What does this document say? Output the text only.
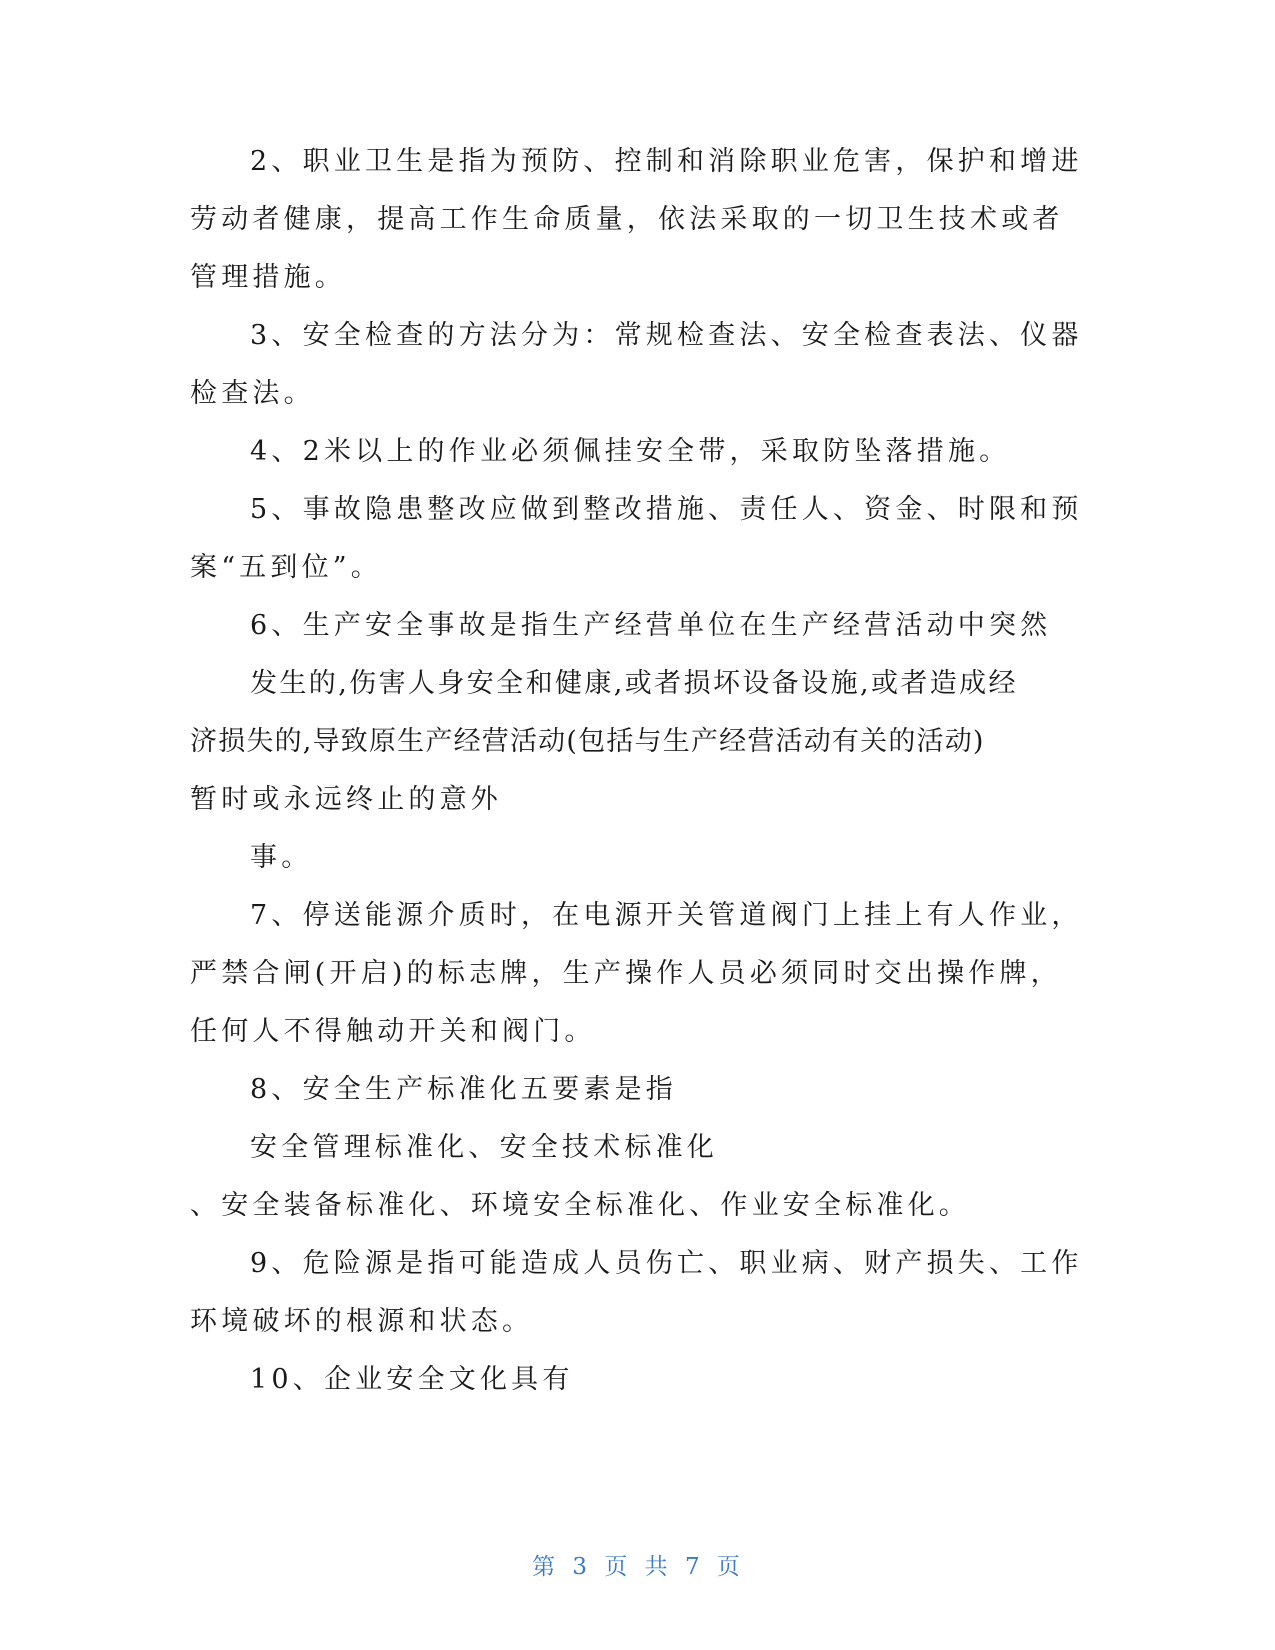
2、职业卫生是指为预防、控制和消除职业危害，保护和增进
劳动者健康，提高工作生命质量，依法采取的一切卫生技术或者
管理措施。
3、安全检查的方法分为：常规检查法、安全检查表法、仪器
检查法。
4、2米以上的作业必须佩挂安全带，采取防坠落措施。
5、事故隐患整改应做到整改措施、责任人、资金、时限和预
案“五到位”。
6、生产安全事故是指生产经营单位在生产经营活动中突然
发生的,伤害人身安全和健康,或者损坏设备设施,或者造成经
济损失的,导致原生产经营活动(包括与生产经营活动有关的活动)
暂时或永远终止的意外
事。
7、停送能源介质时，在电源开关管道阀门上挂上有人作业，
严禁合闸(开启)的标志牌，生产操作人员必须同时交出操作牌，
任何人不得触动开关和阀门。
8、安全生产标准化五要素是指
安全管理标准化、安全技术标准化
、安全装备标准化、环境安全标准化、作业安全标准化。
9、危险源是指可能造成人员伤亡、职业病、财产损失、工作
环境破坏的根源和状态。
10、企业安全文化具有
第 3 页 共 7 页
